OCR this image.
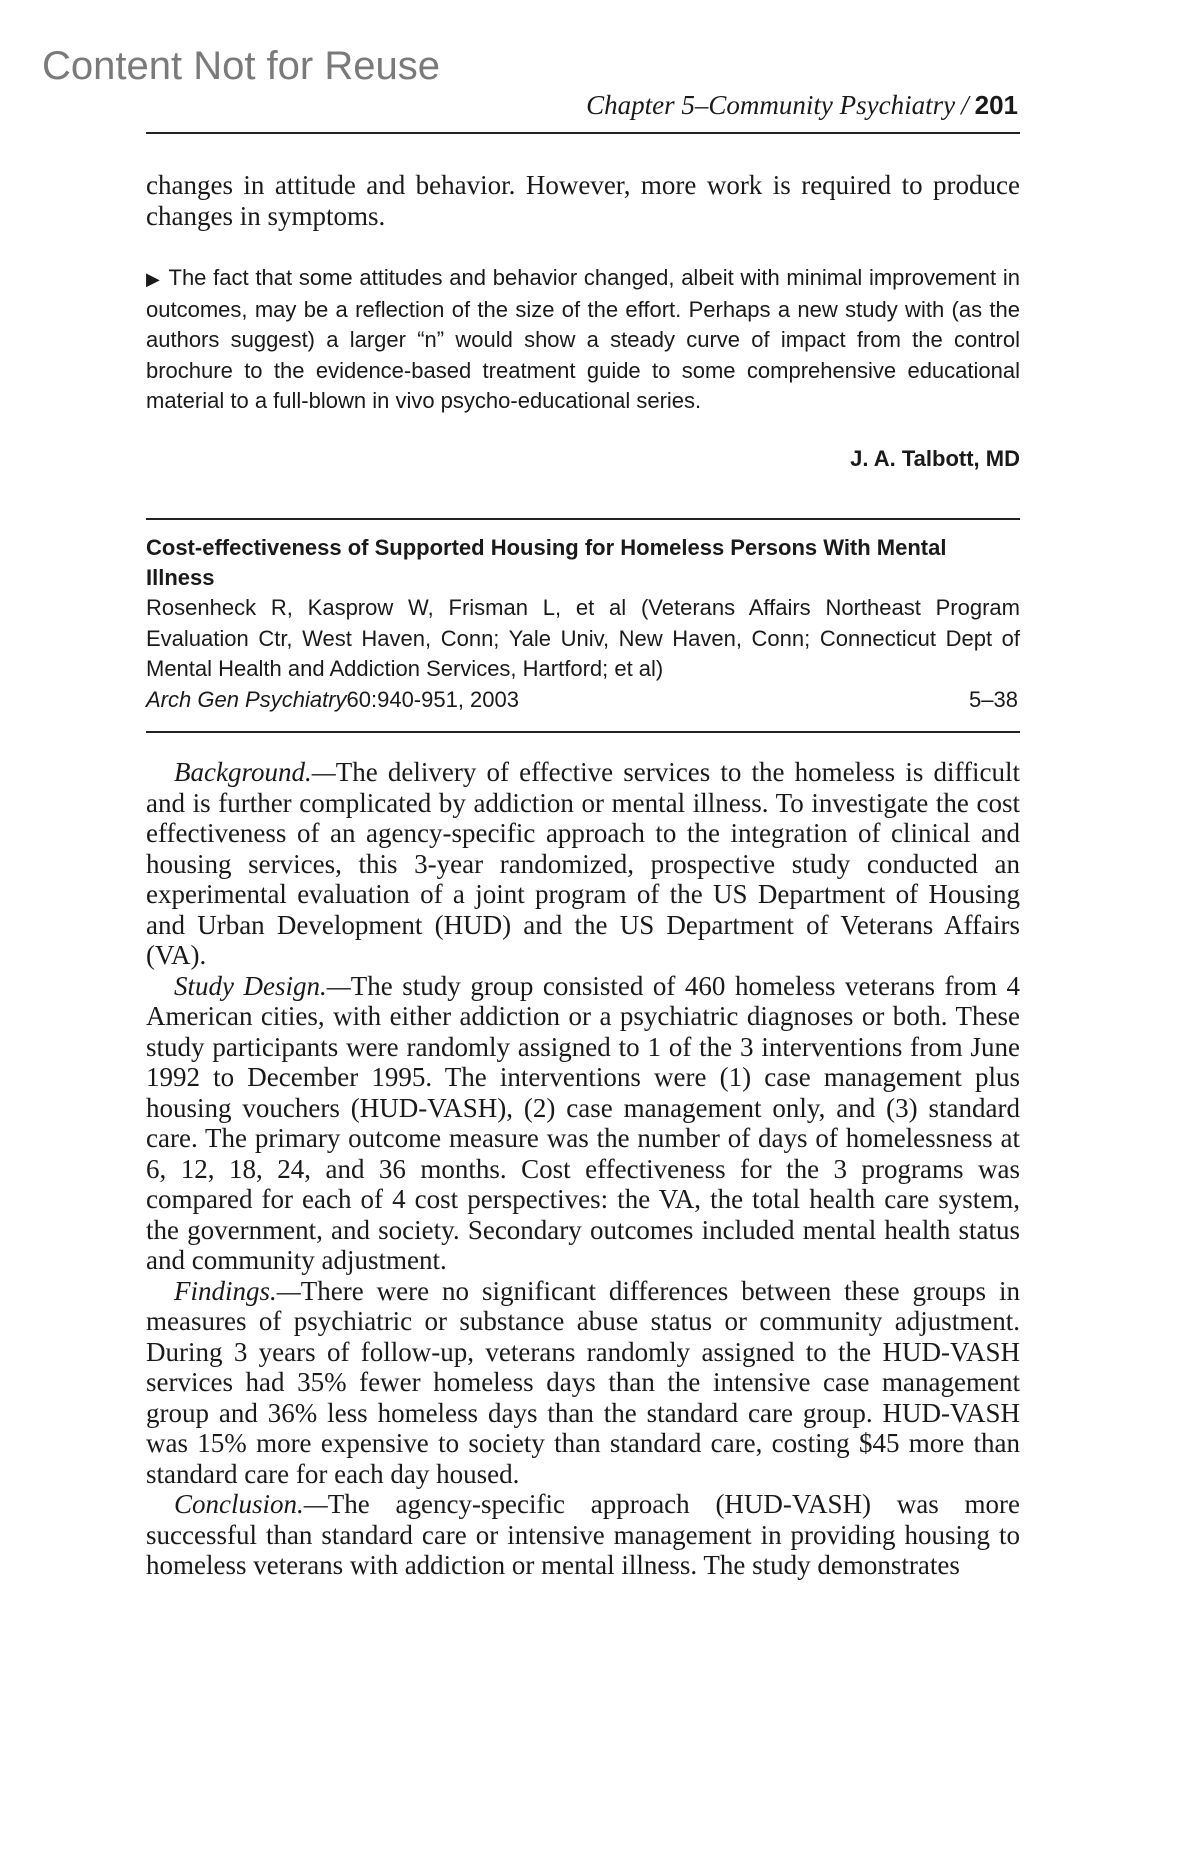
Content Not for Reuse
Chapter 5–Community Psychiatry / 201

changes in attitude and behavior. However, more work is required to produce changes in symptoms.

▶ The fact that some attitudes and behavior changed, albeit with minimal improvement in outcomes, may be a reflection of the size of the effort. Perhaps a new study with (as the authors suggest) a larger “n” would show a steady curve of impact from the control brochure to the evidence-based treatment guide to some comprehensive educational material to a full-blown in vivo psycho-educational series.

J. A. Talbott, MD

Cost-effectiveness of Supported Housing for Homeless Persons With Mental Illness

Rosenheck R, Kasprow W, Frisman L, et al (Veterans Affairs Northeast Program Evaluation Ctr, West Haven, Conn; Yale Univ, New Haven, Conn; Connecticut Dept of Mental Health and Addiction Services, Hartford; et al)

Arch Gen Psychiatry60:940-951, 2003	5–38

Background.—The delivery of effective services to the homeless is difficult and is further complicated by addiction or mental illness. To investigate the cost effectiveness of an agency-specific approach to the integration of clinical and housing services, this 3-year randomized, prospective study conducted an experimental evaluation of a joint program of the US Department of Housing and Urban Development (HUD) and the US Department of Veterans Affairs (VA).

Study Design.—The study group consisted of 460 homeless veterans from 4 American cities, with either addiction or a psychiatric diagnoses or both. These study participants were randomly assigned to 1 of the 3 interventions from June 1992 to December 1995. The interventions were (1) case management plus housing vouchers (HUD-VASH), (2) case management only, and (3) standard care. The primary outcome measure was the number of days of homelessness at 6, 12, 18, 24, and 36 months. Cost effectiveness for the 3 programs was compared for each of 4 cost perspectives: the VA, the total health care system, the government, and society. Secondary outcomes included mental health status and community adjustment.

Findings.—There were no significant differences between these groups in measures of psychiatric or substance abuse status or community adjustment. During 3 years of follow-up, veterans randomly assigned to the HUD-VASH services had 35% fewer homeless days than the intensive case management group and 36% less homeless days than the standard care group. HUD-VASH was 15% more expensive to society than standard care, costing $45 more than standard care for each day housed.

Conclusion.—The agency-specific approach (HUD-VASH) was more successful than standard care or intensive management in providing housing to homeless veterans with addiction or mental illness. The study demonstrates
